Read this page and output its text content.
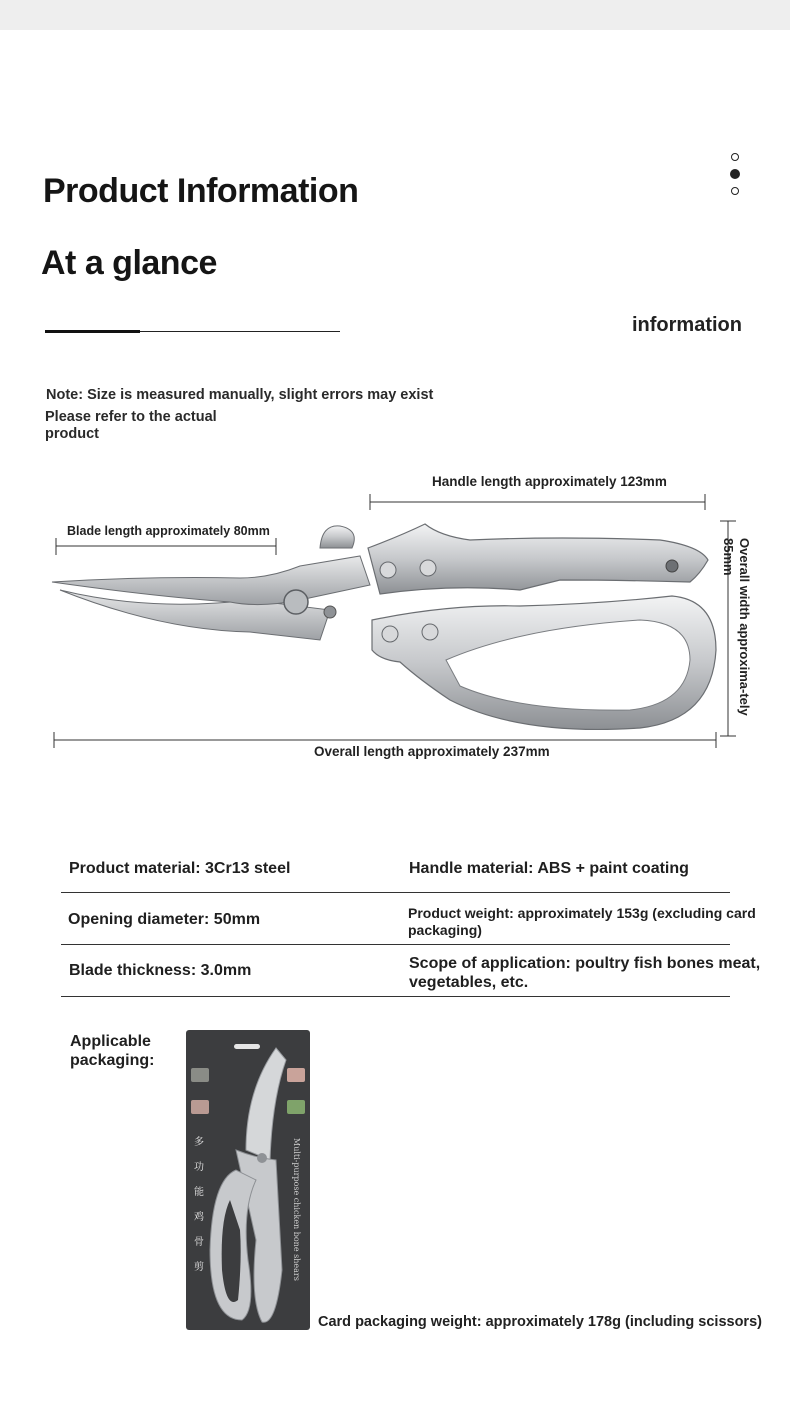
Product Information
At a glance
information
Note: Size is measured manually, slight errors may exist
Please refer to the actual product
Handle length approximately 123mm
Blade length approximately 80mm
Overall length approximately 237mm
Overall width approxima-tely 85mm
Product material: 3Cr13 steel	Handle material: ABS + paint coating
Opening diameter: 50mm	Product weight: approximately 153g (excluding card packaging)
Blade thickness: 3.0mm	Scope of application: poultry fish bones meat, vegetables, etc.
Applicable packaging:
多
功
能
鸡
骨
剪	Multi-purpose chicken bone shears
Card packaging weight: approximately 178g (including scissors)
